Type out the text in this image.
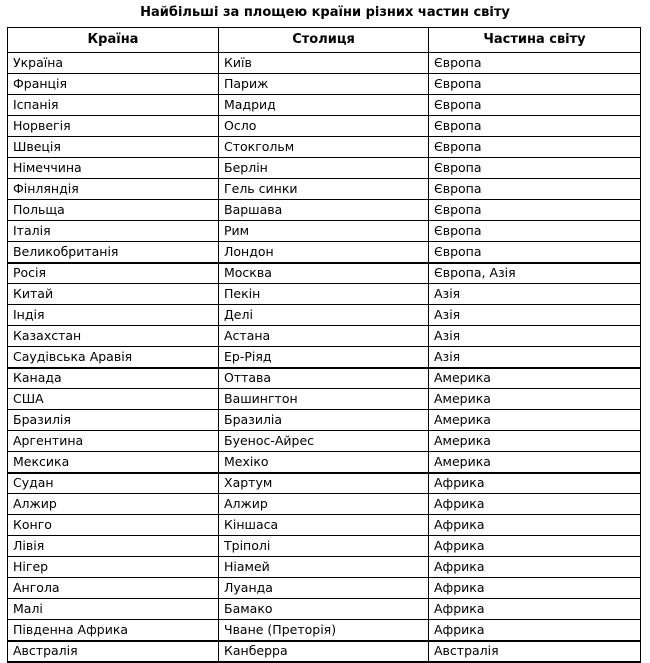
Найбільші за площею країни різних частин світу
Країна	Столиця	Частина світу
Україна	Київ	Європа
Франція	Париж	Європа
Іспанія	Мадрид	Європа
Норвегія	Осло	Європа
Швеція	Стокгольм	Європа
Німеччина	Берлін	Європа
Фінляндія	Гель синки	Європа
Польща	Варшава	Європа
Італія	Рим	Європа
Великобританія	Лондон	Європа
Росія	Москва	Європа, Азія
Китай	Пекін	Азія
Індія	Делі	Азія
Казахстан	Астана	Азія
Саудівська Аравія	Ер-Ріяд	Азія
Канада	Оттава	Америка
США	Вашингтон	Америка
Бразилія	Бразиліа	Америка
Аргентина	Буенос-Айрес	Америка
Мексика	Мехіко	Америка
Судан	Хартум	Африка
Алжир	Алжир	Африка
Конго	Кіншаса	Африка
Лівія	Тріполі	Африка
Нігер	Ніамей	Африка
Ангола	Луанда	Африка
Малі	Бамако	Африка
Південна Африка	Чване (Преторія)	Африка
Австралія	Канберра	Австралія
